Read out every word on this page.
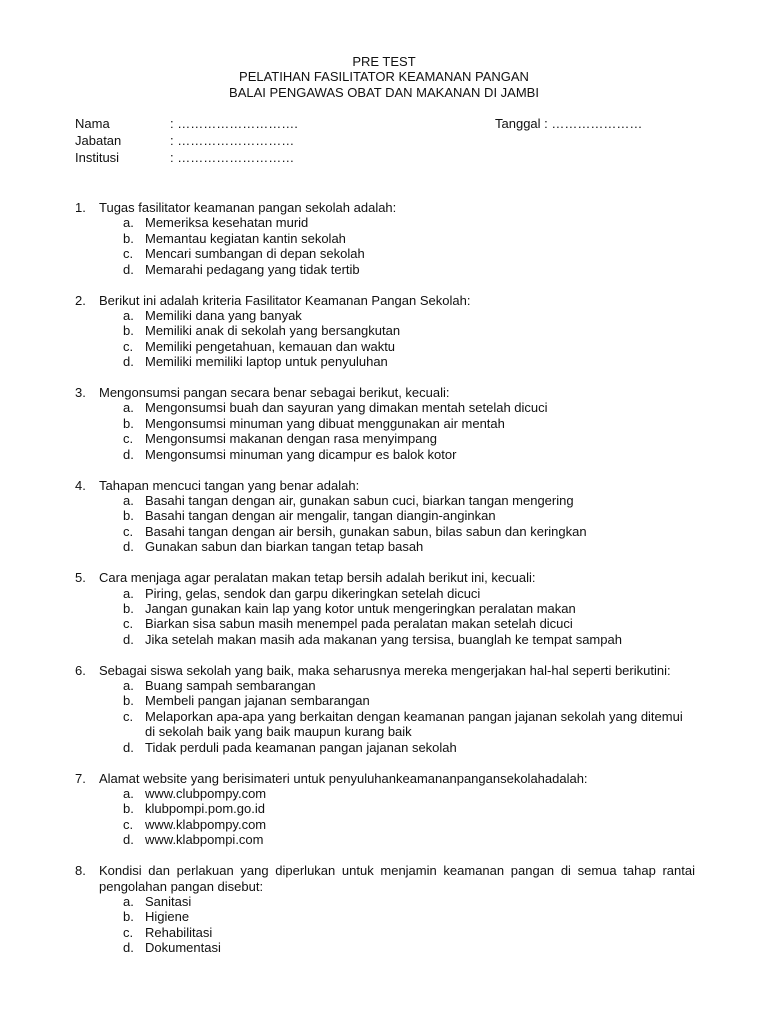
PRE TEST
PELATIHAN FASILITATOR KEAMANAN PANGAN
BALAI PENGAWAS OBAT DAN MAKANAN DI JAMBI
Nama	: ……………………….	Tanggal : …………………
Jabatan	: ………………………
Institusi	: ………………………
1. Tugas fasilitator keamanan pangan sekolah adalah:
a. Memeriksa kesehatan murid
b. Memantau kegiatan kantin sekolah
c. Mencari sumbangan di depan sekolah
d. Memarahi pedagang yang tidak tertib
2. Berikut ini adalah kriteria Fasilitator Keamanan Pangan Sekolah:
a. Memiliki dana yang banyak
b. Memiliki anak di sekolah yang bersangkutan
c. Memiliki pengetahuan, kemauan dan waktu
d. Memiliki memiliki laptop untuk penyuluhan
3. Mengonsumsi pangan secara benar sebagai berikut, kecuali:
a. Mengonsumsi buah dan sayuran yang dimakan mentah setelah dicuci
b. Mengonsumsi minuman yang dibuat menggunakan air mentah
c. Mengonsumsi makanan dengan rasa menyimpang
d. Mengonsumsi minuman yang dicampur es balok kotor
4. Tahapan mencuci tangan yang benar adalah:
a. Basahi tangan dengan air, gunakan sabun cuci, biarkan tangan mengering
b. Basahi tangan dengan air mengalir, tangan diangin-anginkan
c. Basahi tangan dengan air bersih, gunakan sabun, bilas sabun dan keringkan
d. Gunakan sabun dan biarkan tangan tetap basah
5. Cara menjaga agar peralatan makan tetap bersih adalah berikut ini, kecuali:
a. Piring, gelas, sendok dan garpu dikeringkan setelah dicuci
b. Jangan gunakan kain lap yang kotor untuk mengeringkan peralatan makan
c. Biarkan sisa sabun masih menempel pada peralatan makan setelah dicuci
d. Jika setelah makan masih ada makanan yang tersisa, buanglah ke tempat sampah
6. Sebagai siswa sekolah yang baik, maka seharusnya mereka mengerjakan hal-hal seperti berikutini:
a. Buang sampah sembarangan
b. Membeli pangan jajanan sembarangan
c. Melaporkan apa-apa yang berkaitan dengan keamanan pangan jajanan sekolah yang ditemui di sekolah baik yang baik maupun kurang baik
d. Tidak perduli pada keamanan pangan jajanan sekolah
7. Alamat website yang berisimateri untuk penyuluhankeamananpangansekolahadalah:
a. www.clubpompy.com
b. klubpompi.pom.go.id
c. www.klabpompy.com
d. www.klabpompi.com
8. Kondisi dan perlakuan yang diperlukan untuk menjamin keamanan pangan di semua tahap rantai pengolahan pangan disebut:
a. Sanitasi
b. Higiene
c. Rehabilitasi
d. Dokumentasi
